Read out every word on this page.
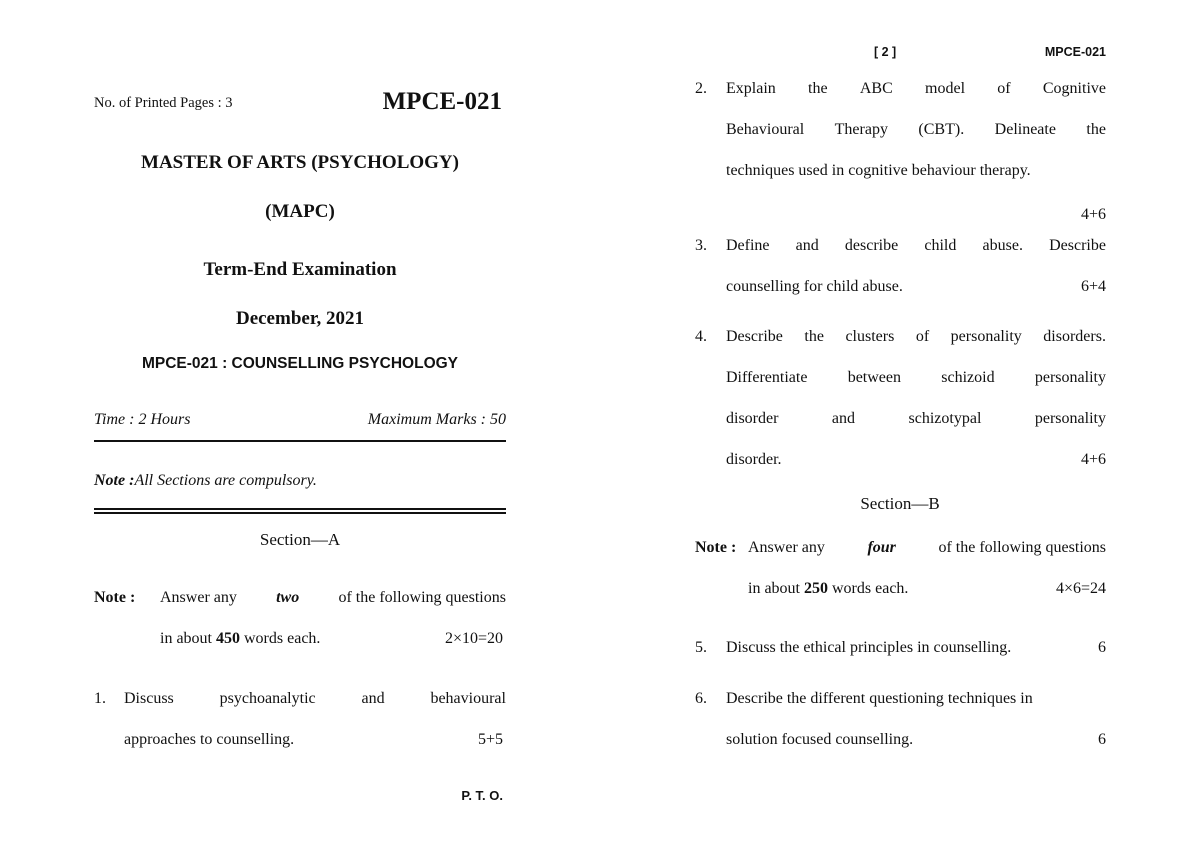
No. of Printed Pages : 3	MPCE-021
MASTER OF ARTS (PSYCHOLOGY)
(MAPC)
Term-End Examination
December, 2021
MPCE-021 : COUNSELLING PSYCHOLOGY
Time : 2 Hours	Maximum Marks : 50
Note :All Sections are compulsory.
Section—A
Note : Answer any two of the following questions
in about 450 words each.	2×10=20
1. Discuss	psychoanalytic	and	behavioural
approaches to counselling.	5+5
P. T. O.
[ 2 ]	MPCE-021
2. Explain the ABC model of Cognitive
Behavioural Therapy (CBT). Delineate the
techniques used in cognitive behaviour therapy.
4+6
3. Define and describe child abuse. Describe
counselling for child abuse.	6+4
4. Describe the clusters of personality disorders.
Differentiate	between	schizoid	personality
disorder	and	schizotypal	personality
disorder.	4+6
Section—B
Note : Answer any	four	of the following questions
in about 250 words each.	4×6=24
5. Discuss the ethical principles in counselling.	6
6. Describe the different questioning techniques in
solution focused counselling.	6
